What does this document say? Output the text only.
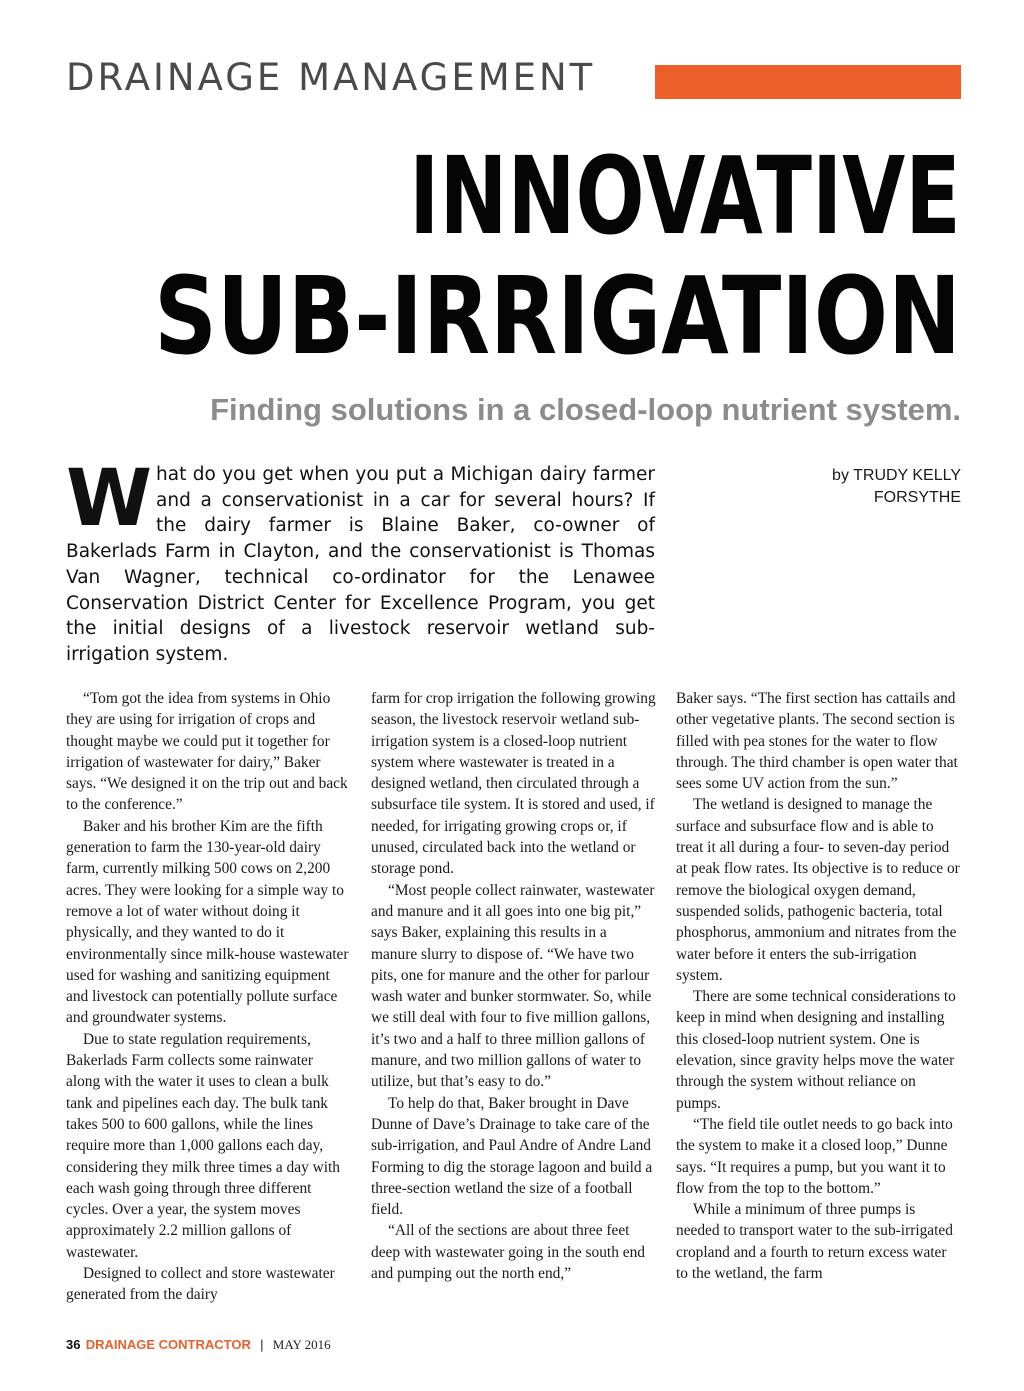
DRAINAGE MANAGEMENT
INNOVATIVE
SUB-IRRIGATION
Finding solutions in a closed-loop nutrient system.
by TRUDY KELLY
FORSYTHE
What do you get when you put a Michigan dairy farmer and a conservationist in a car for several hours? If the dairy farmer is Blaine Baker, co-owner of Bakerlads Farm in Clayton, and the conservationist is Thomas Van Wagner, technical co-ordinator for the Lenawee Conservation District Center for Excellence Program, you get the initial designs of a livestock reservoir wetland sub-irrigation system.

“Tom got the idea from systems in Ohio they are using for irrigation of crops and thought maybe we could put it together for irrigation of wastewater for dairy,” Baker says. “We designed it on the trip out and back to the conference.”

Baker and his brother Kim are the fifth generation to farm the 130-year-old dairy farm, currently milking 500 cows on 2,200 acres. They were looking for a simple way to remove a lot of water without doing it physically, and they wanted to do it environmentally since milk-house wastewater used for washing and sanitizing equipment and livestock can potentially pollute surface and groundwater systems.

Due to state regulation requirements, Bakerlads Farm collects some rainwater along with the water it uses to clean a bulk tank and pipelines each day. The bulk tank takes 500 to 600 gallons, while the lines require more than 1,000 gallons each day, considering they milk three times a day with each wash going through three different cycles. Over a year, the system moves approximately 2.2 million gallons of wastewater.

Designed to collect and store wastewater generated from the dairy

farm for crop irrigation the following growing season, the livestock reservoir wetland sub-irrigation system is a closed-loop nutrient system where wastewater is treated in a designed wetland, then circulated through a subsurface tile system. It is stored and used, if needed, for irrigating growing crops or, if unused, circulated back into the wetland or storage pond.

“Most people collect rainwater, wastewater and manure and it all goes into one big pit,” says Baker, explaining this results in a manure slurry to dispose of. “We have two pits, one for manure and the other for parlour wash water and bunker stormwater. So, while we still deal with four to five million gallons, it’s two and a half to three million gallons of manure, and two million gallons of water to utilize, but that’s easy to do.”

To help do that, Baker brought in Dave Dunne of Dave’s Drainage to take care of the sub-irrigation, and Paul Andre of Andre Land Forming to dig the storage lagoon and build a three-section wetland the size of a football field.

“All of the sections are about three feet deep with wastewater going in the south end and pumping out the north end,”

Baker says. “The first section has cattails and other vegetative plants. The second section is filled with pea stones for the water to flow through. The third chamber is open water that sees some UV action from the sun.”

The wetland is designed to manage the surface and subsurface flow and is able to treat it all during a four- to seven-day period at peak flow rates. Its objective is to reduce or remove the biological oxygen demand, suspended solids, pathogenic bacteria, total phosphorus, ammonium and nitrates from the water before it enters the sub-irrigation system.

There are some technical considerations to keep in mind when designing and installing this closed-loop nutrient system. One is elevation, since gravity helps move the water through the system without reliance on pumps.

“The field tile outlet needs to go back into the system to make it a closed loop,” Dunne says. “It requires a pump, but you want it to flow from the top to the bottom.”

While a minimum of three pumps is needed to transport water to the sub-irrigated cropland and a fourth to return excess water to the wetland, the farm

36 DRAINAGE CONTRACTOR | MAY 2016
